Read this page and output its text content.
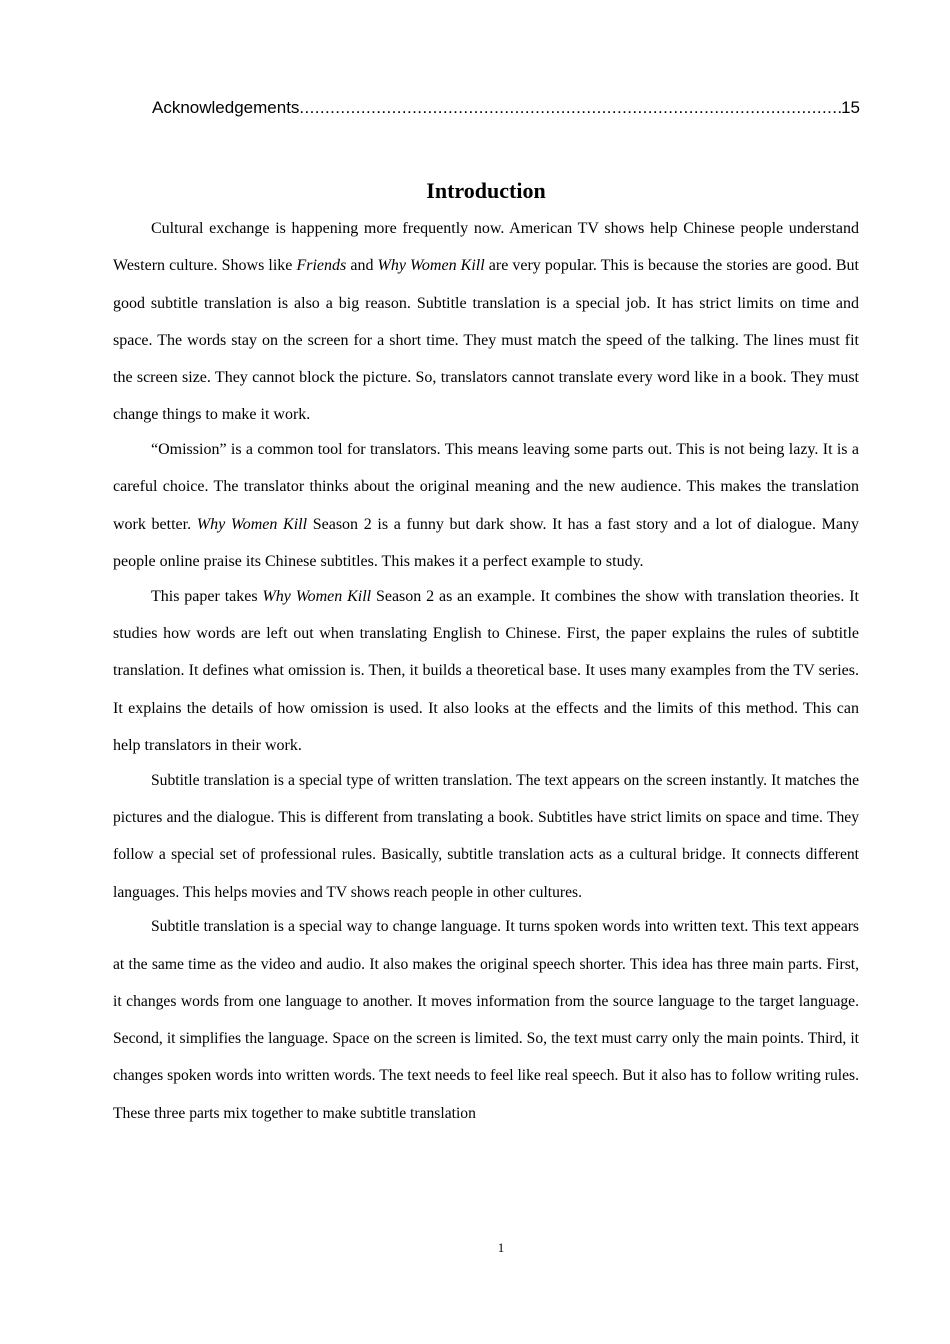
Acknowledgements
.....	15
Introduction

Cultural exchange is happening more frequently now. American TV shows help Chinese people understand Western culture. Shows like Friends and Why Women Kill are very popular. This is because the stories are good. But good subtitle translation is also a big reason. Subtitle translation is a special job. It has strict limits on time and space. The words stay on the screen for a short time. They must match the speed of the talking. The lines must fit the screen size. They cannot block the picture. So, translators cannot translate every word like in a book. They must change things to make it work.

“Omission” is a common tool for translators. This means leaving some parts out. This is not being lazy. It is a careful choice. The translator thinks about the original meaning and the new audience. This makes the translation work better. Why Women Kill Season 2 is a funny but dark show. It has a fast story and a lot of dialogue. Many people online praise its Chinese subtitles. This makes it a perfect example to study.

This paper takes Why Women Kill Season 2 as an example. It combines the show with translation theories. It studies how words are left out when translating English to Chinese. First, the paper explains the rules of subtitle translation. It defines what omission is. Then, it builds a theoretical base. It uses many examples from the TV series. It explains the details of how omission is used. It also looks at the effects and the limits of this method. This can help translators in their work.

Subtitle translation is a special type of written translation. The text appears on the screen instantly. It matches the pictures and the dialogue. This is different from translating a book. Subtitles have strict limits on space and time. They follow a special set of professional rules. Basically, subtitle translation acts as a cultural bridge. It connects different languages. This helps movies and TV shows reach people in other cultures.

Subtitle translation is a special way to change language. It turns spoken words into written text. This text appears at the same time as the video and audio. It also makes the original speech shorter. This idea has three main parts. First, it changes words from one language to another. It moves information from the source language to the target language. Second, it simplifies the language. Space on the screen is limited. So, the text must carry only the main points. Third, it changes spoken words into written words. The text needs to feel like real speech. But it also has to follow writing rules. These three parts mix together to make subtitle translation

1
